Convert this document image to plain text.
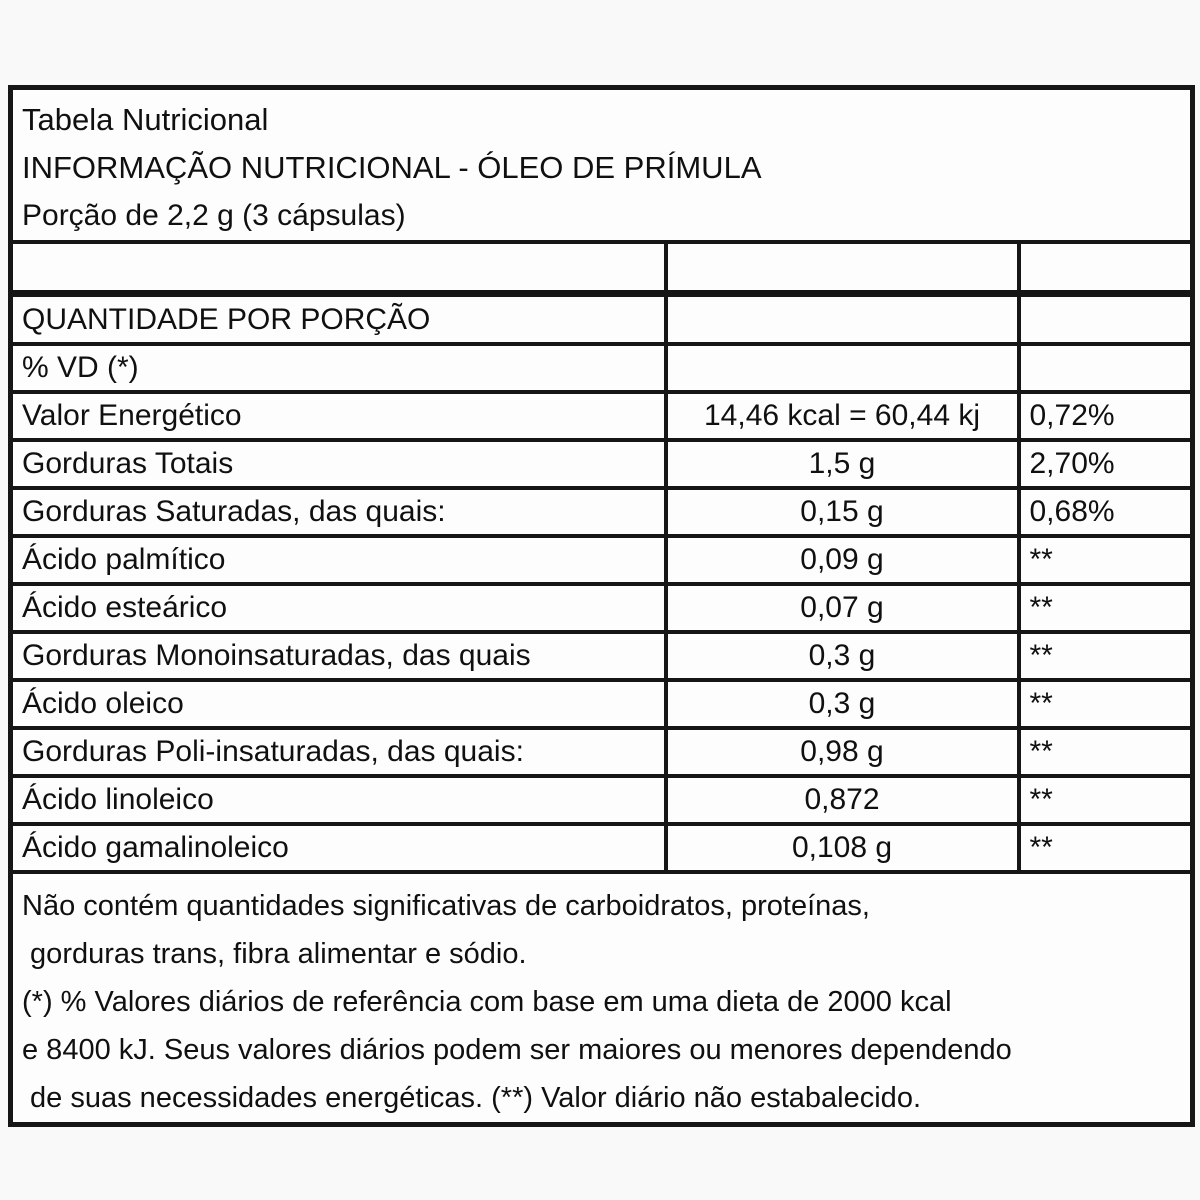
Tabela Nutricional
INFORMAÇÃO NUTRICIONAL - ÓLEO DE PRÍMULA
Porção de 2,2 g (3 cápsulas)		

QUANTIDADE POR PORÇÃO		
% VD (*)		
Valor Energético	14,46 kcal = 60,44 kj	0,72%
Gorduras Totais	1,5 g	2,70%
Gorduras Saturadas, das quais:	0,15 g	0,68%
Ácido palmítico	0,09 g	**
Ácido esteárico	0,07 g	**
Gorduras Monoinsaturadas, das quais	0,3 g	**
Ácido oleico	0,3 g	**
Gorduras Poli-insaturadas, das quais:	0,98 g	**
Ácido linoleico	0,872	**
Ácido gamalinoleico	0,108 g	**

Não contém quantidades significativas de carboidratos, proteínas,
gorduras trans, fibra alimentar e sódio.
(*) % Valores diários de referência com base em uma dieta de 2000 kcal
e 8400 kJ. Seus valores diários podem ser maiores ou menores dependendo
de suas necessidades energéticas. (**) Valor diário não estabalecido.		
